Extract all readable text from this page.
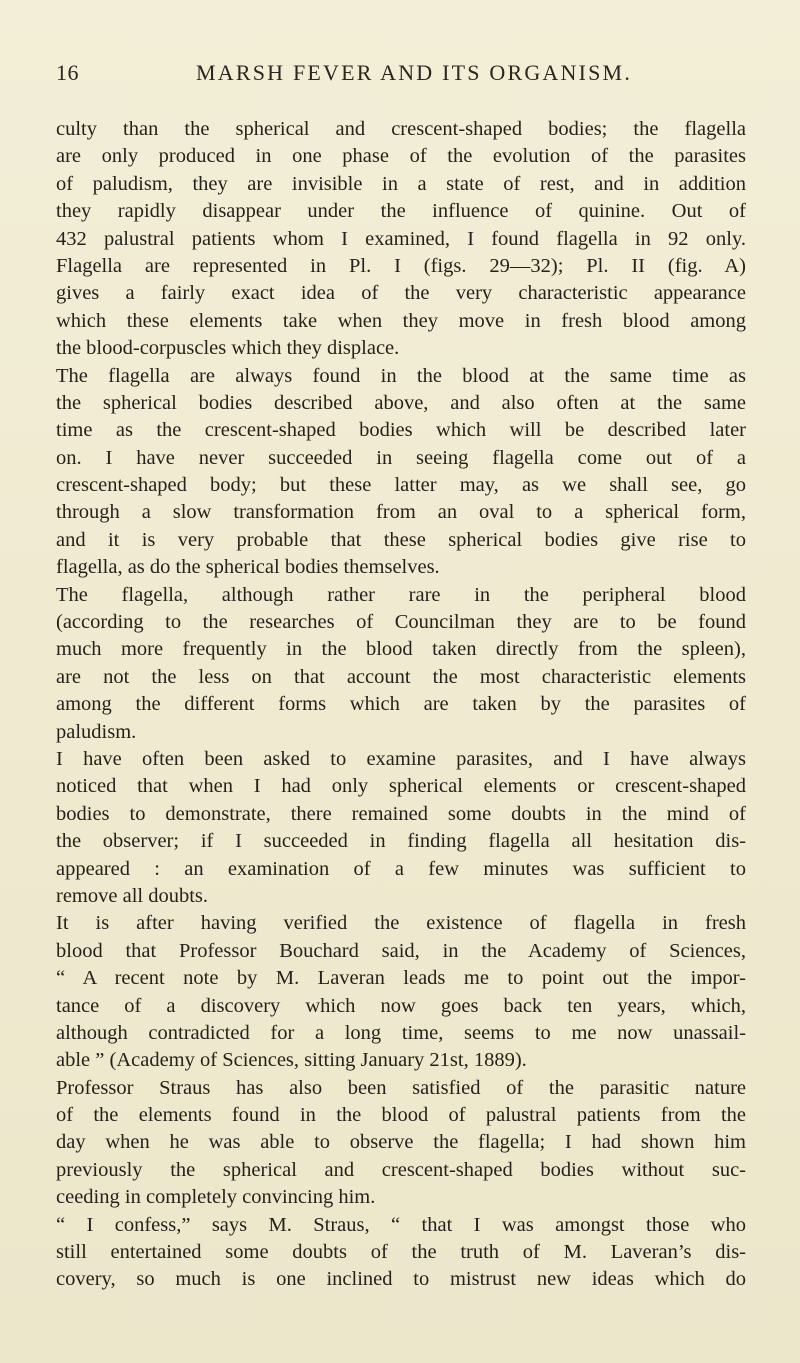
16	MARSH FEVER AND ITS ORGANISM.
culty than the spherical and crescent-shaped bodies; the flagella
are only produced in one phase of the evolution of the parasites
of paludism, they are invisible in a state of rest, and in addition
they rapidly disappear under the influence of quinine. Out of
432 palustral patients whom I examined, I found flagella in 92 only.
Flagella are represented in Pl. I (figs. 29—32); Pl. II (fig. A)
gives a fairly exact idea of the very characteristic appearance
which these elements take when they move in fresh blood among
the blood-corpuscles which they displace.
The flagella are always found in the blood at the same time as
the spherical bodies described above, and also often at the same
time as the crescent-shaped bodies which will be described later
on. I have never succeeded in seeing flagella come out of a
crescent-shaped body; but these latter may, as we shall see, go
through a slow transformation from an oval to a spherical form,
and it is very probable that these spherical bodies give rise to
flagella, as do the spherical bodies themselves.
The flagella, although rather rare in the peripheral blood
(according to the researches of Councilman they are to be found
much more frequently in the blood taken directly from the spleen),
are not the less on that account the most characteristic elements
among the different forms which are taken by the parasites of
paludism.
I have often been asked to examine parasites, and I have always
noticed that when I had only spherical elements or crescent-shaped
bodies to demonstrate, there remained some doubts in the mind of
the observer; if I succeeded in finding flagella all hesitation dis-
appeared : an examination of a few minutes was sufficient to
remove all doubts.
It is after having verified the existence of flagella in fresh
blood that Professor Bouchard said, in the Academy of Sciences,
“ A recent note by M. Laveran leads me to point out the impor-
tance of a discovery which now goes back ten years, which,
although contradicted for a long time, seems to me now unassail-
able ” (Academy of Sciences, sitting January 21st, 1889).
Professor Straus has also been satisfied of the parasitic nature
of the elements found in the blood of palustral patients from the
day when he was able to observe the flagella; I had shown him
previously the spherical and crescent-shaped bodies without suc-
ceeding in completely convincing him.
“ I confess,” says M. Straus, “ that I was amongst those who
still entertained some doubts of the truth of M. Laveran’s dis-
covery, so much is one inclined to mistrust new ideas which do
